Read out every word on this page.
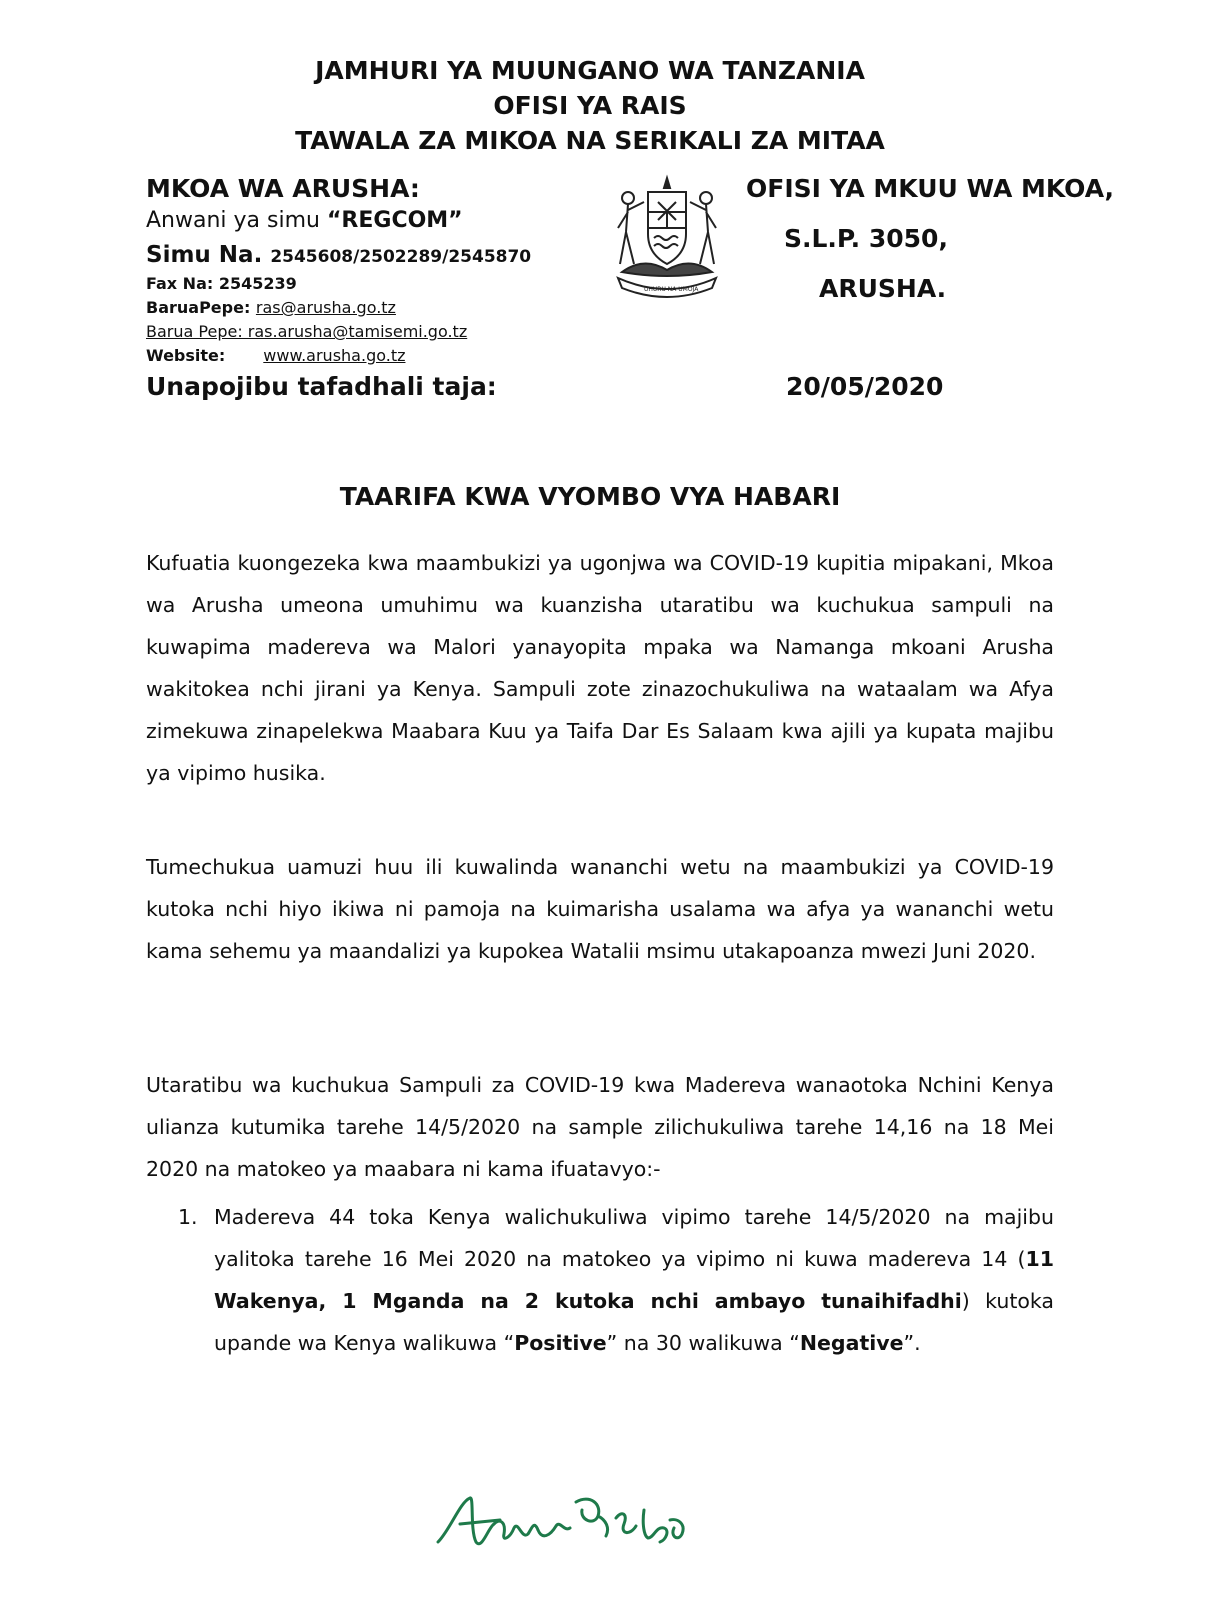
JAMHURI YA MUUNGANO WA TANZANIA
OFISI YA RAIS
TAWALA ZA MIKOA NA SERIKALI ZA MITAA
MKOA WA ARUSHA:
Anwani ya simu “REGCOM”
Simu Na. 2545608/2502289/2545870
Fax Na: 2545239
BaruaPepe: ras@arusha.go.tz
Barua Pepe: ras.arusha@tamisemi.go.tz
Website: www.arusha.go.tz
Unapojibu tafadhali taja:
UHURU NA UMOJA
OFISI YA MKUU WA MKOA,
S.L.P. 3050,
ARUSHA.
20/05/2020
TAARIFA KWA VYOMBO VYA HABARI
Kufuatia kuongezeka kwa maambukizi ya ugonjwa wa COVID-19 kupitia mipakani, Mkoa wa Arusha umeona umuhimu wa kuanzisha utaratibu wa kuchukua sampuli na kuwapima madereva wa Malori yanayopita mpaka wa Namanga mkoani Arusha wakitokea nchi jirani ya Kenya. Sampuli zote zinazochukuliwa na wataalam wa Afya zimekuwa zinapelekwa Maabara Kuu ya Taifa Dar Es Salaam kwa ajili ya kupata majibu ya vipimo husika.
Tumechukua uamuzi huu ili kuwalinda wananchi wetu na maambukizi ya COVID-19 kutoka nchi hiyo ikiwa ni pamoja na kuimarisha usalama wa afya ya wananchi wetu kama sehemu ya maandalizi ya kupokea Watalii msimu utakapoanza mwezi Juni 2020.
Utaratibu wa kuchukua Sampuli za COVID-19 kwa Madereva wanaotoka Nchini Kenya ulianza kutumika tarehe 14/5/2020 na sample zilichukuliwa tarehe 14,16 na 18 Mei 2020 na matokeo ya maabara ni kama ifuatavyo:-
1. Madereva 44 toka Kenya walichukuliwa vipimo tarehe 14/5/2020 na majibu yalitoka tarehe 16 Mei 2020 na matokeo ya vipimo ni kuwa madereva 14 (11 Wakenya, 1 Mganda na 2 kutoka nchi ambayo tunaihifadhi) kutoka upande wa Kenya walikuwa “Positive” na 30 walikuwa “Negative”.
